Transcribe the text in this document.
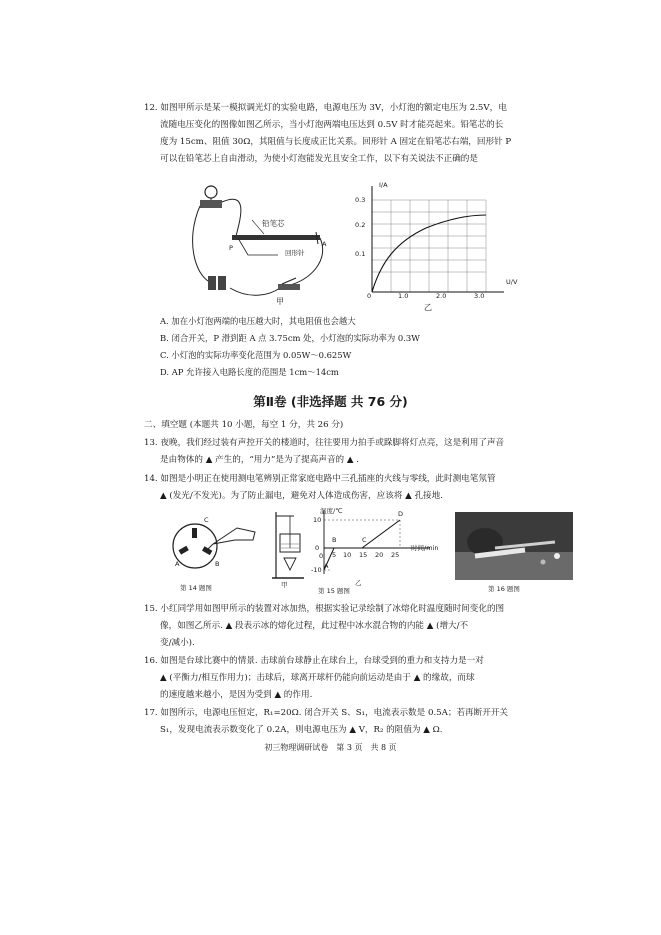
12. 如图甲所示是某一模拟调光灯的实验电路，电源电压为 3V，小灯泡的额定电压为 2.5V，电
流随电压变化的图像如图乙所示，当小灯泡两端电压达到 0.5V 时才能亮起来。铅笔芯的长
度为 15cm、阻值 30Ω，其阻值与长度成正比关系。回形针 A 固定在铅笔芯右端，回形针 P
可以在铅笔芯上自由滑动，为使小灯泡能发光且安全工作，以下有关说法不正确的是
铅笔芯
回形针
P	A
甲
I/A
U/V
0.3
0.2
0.1
0	1.0	2.0	3.0
乙
A. 加在小灯泡两端的电压越大时，其电阻值也会越大
B. 闭合开关，P 滑到距 A 点 3.75cm 处，小灯泡的实际功率为 0.3W
C. 小灯泡的实际功率变化范围为 0.05W～0.625W
D. AP 允许接入电路长度的范围是 1cm～14cm
第Ⅱ卷 (非选择题 共 76 分)
二、填空题 (本题共 10 小题，每空 1 分，共 26 分)
13. 夜晚，我们经过装有声控开关的楼道时，往往要用力拍手或跺脚将灯点亮，这是利用了声音
是由物体的 ▲ 产生的，“用力”是为了提高声音的 ▲ .
14. 如图是小明正在使用测电笔辨别正常家庭电路中三孔插座的火线与零线，此时测电笔氖管
▲ (发光/不发光)。为了防止漏电，避免对人体造成伤害，应该将 ▲ 孔接地.
C
A	B
第 14 题图	甲
温度/℃
时间/min
10
0
-10
5 10 15 20 25
A
B	C
D
0
乙
第 15 题图	第 16 题图
15. 小红同学用如图甲所示的装置对冰加热，根据实验记录绘制了冰熔化时温度随时间变化的图
像，如图乙所示. ▲ 段表示冰的熔化过程，此过程中冰水混合物的内能 ▲ (增大/不
变/减小).
16. 如图是台球比赛中的情景. 击球前台球静止在球台上，台球受到的重力和支持力是一对
▲ (平衡力/相互作用力)；击球后，球离开球杆仍能向前运动是由于 ▲ 的缘故，而球
的速度越来越小，是因为受到 ▲ 的作用.
17. 如图所示，电源电压恒定，R₁=20Ω. 闭合开关 S、S₁，电流表示数是 0.5A；若再断开开关
S₁，发现电流表示数变化了 0.2A，则电源电压为 ▲ V，R₂ 的阻值为 ▲ Ω.
初三物理调研试卷　第 3 页　共 8 页
